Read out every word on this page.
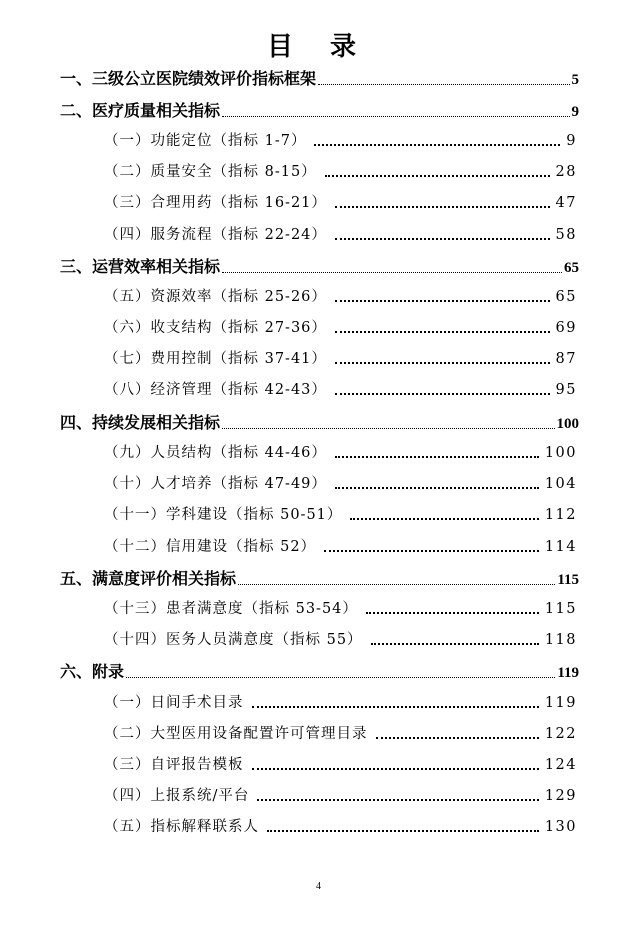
目 录
一、三级公立医院绩效评价指标框架	5
二、医疗质量相关指标	9
（一）功能定位（指标 1-7）	9
（二）质量安全（指标 8-15）	28
（三）合理用药（指标 16-21）	47
（四）服务流程（指标 22-24）	58
三、运营效率相关指标	65
（五）资源效率（指标 25-26）	65
（六）收支结构（指标 27-36）	69
（七）费用控制（指标 37-41）	87
（八）经济管理（指标 42-43）	95
四、持续发展相关指标	100
（九）人员结构（指标 44-46）	100
（十）人才培养（指标 47-49）	104
（十一）学科建设（指标 50-51）	112
（十二）信用建设（指标 52）	114
五、满意度评价相关指标	115
（十三）患者满意度（指标 53-54）	115
（十四）医务人员满意度（指标 55）	118
六、附录	119
（一）日间手术目录	119
（二）大型医用设备配置许可管理目录	122
（三）自评报告模板	124
（四）上报系统/平台	129
（五）指标解释联系人	130
4
